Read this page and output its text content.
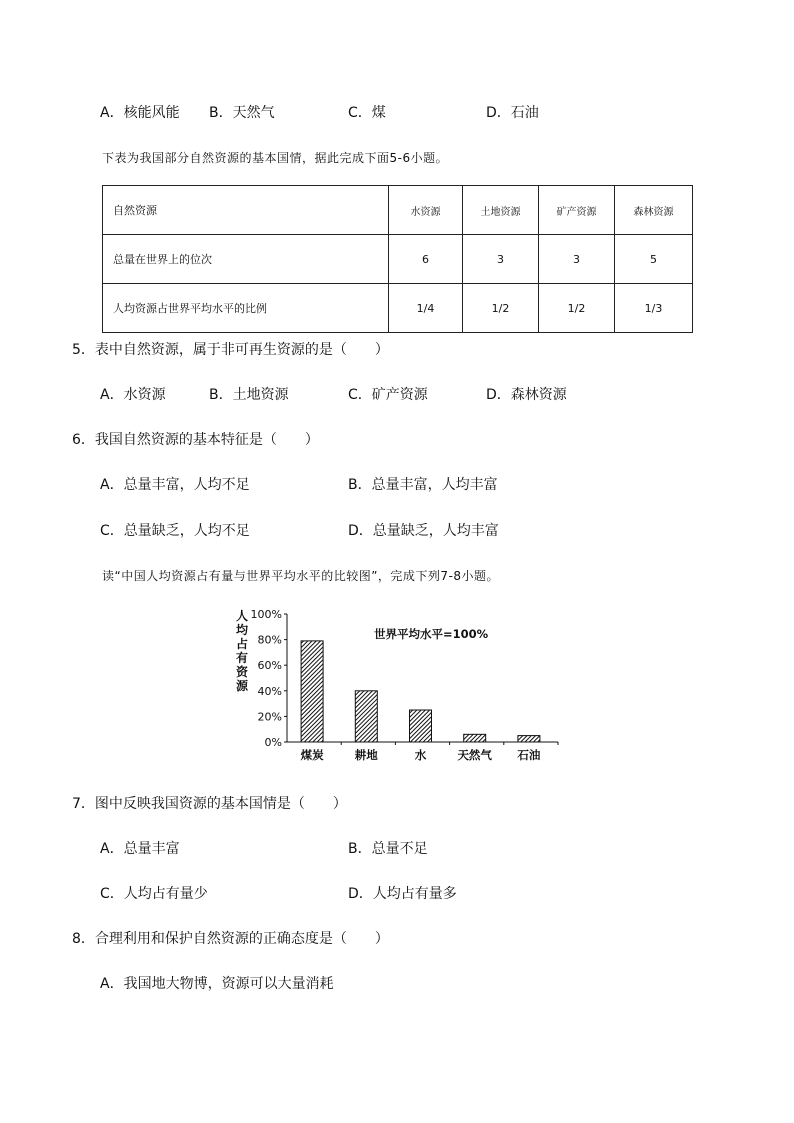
A．核能风能 B．天然气	C．煤	D．石油
下表为我国部分自然资源的基本国情，据此完成下面5-6小题。
自然资源	水资源	土地资源	矿产资源	森林资源
总量在世界上的位次	6	3	3	5
人均资源占世界平均水平的比例	1/4	1/2	1/2	1/3
5．表中自然资源，属于非可再生资源的是（　　）
A．水资源	B．土地资源	C．矿产资源	D．森林资源
6．我国自然资源的基本特征是（　　）
A．总量丰富，人均不足	B．总量丰富，人均丰富
C．总量缺乏，人均不足	D．总量缺乏，人均丰富
读“中国人均资源占有量与世界平均水平的比较图”，完成下列7-8小题。
人
均
占
有
资
源
0%
20%
40%
60%
80%
100%
煤炭	耕地	水	天然气 石油
世界平均水平=100%
7．图中反映我国资源的基本国情是（　　）
A．总量丰富	B．总量不足
C．人均占有量少	D．人均占有量多
8．合理利用和保护自然资源的正确态度是（　　）
A．我国地大物博，资源可以大量消耗
